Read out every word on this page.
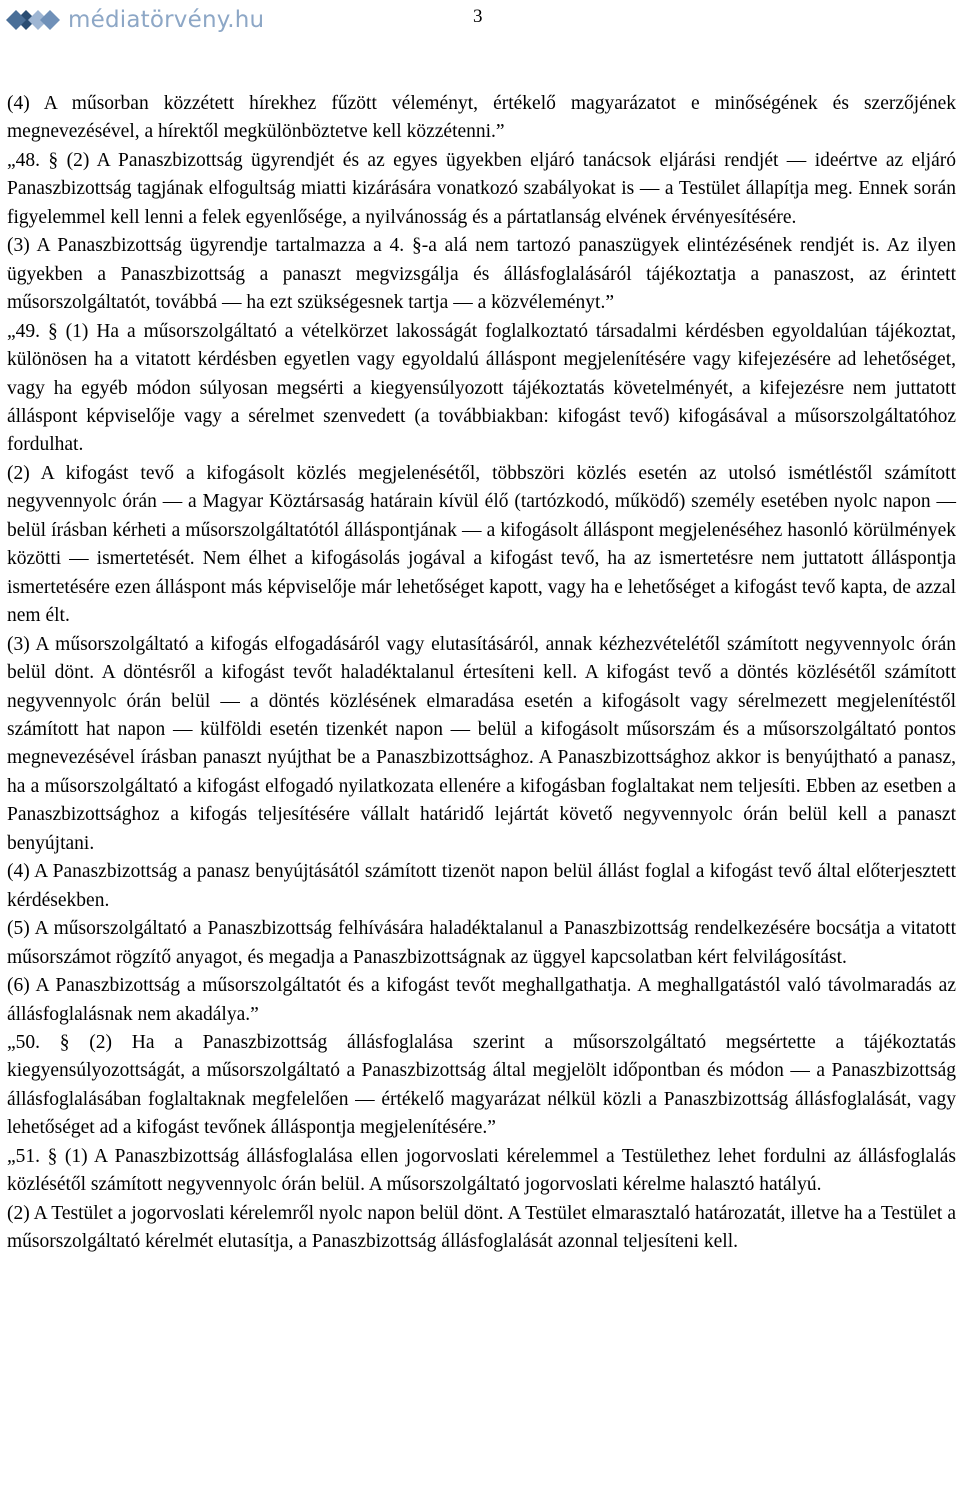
médiatörvény.hu	3

(4) A műsorban közzétett hírekhez fűzött véleményt, értékelő magyarázatot e minőségének és szerzőjének megnevezésével, a hírektől megkülönböztetve kell közzétenni.”

„48. § (2) A Panaszbizottság ügyrendjét és az egyes ügyekben eljáró tanácsok eljárási rendjét — ideértve az eljáró Panaszbizottság tagjának elfogultság miatti kizárására vonatkozó szabályokat is — a Testület állapítja meg. Ennek során figyelemmel kell lenni a felek egyenlősége, a nyilvánosság és a pártatlanság elvének érvényesítésére.

(3) A Panaszbizottság ügyrendje tartalmazza a 4. §-a alá nem tartozó panaszügyek elintézésének rendjét is. Az ilyen ügyekben a Panaszbizottság a panaszt megvizsgálja és állásfoglalásáról tájékoztatja a panaszost, az érintett műsorszolgáltatót, továbbá — ha ezt szükségesnek tartja — a közvéleményt.”

„49. § (1) Ha a műsorszolgáltató a vételkörzet lakosságát foglalkoztató társadalmi kérdésben egyoldalúan tájékoztat, különösen ha a vitatott kérdésben egyetlen vagy egyoldalú álláspont megjelenítésére vagy kifejezésére ad lehetőséget, vagy ha egyéb módon súlyosan megsérti a kiegyensúlyozott tájékoztatás követelményét, a kifejezésre nem juttatott álláspont képviselője vagy a sérelmet szenvedett (a továbbiakban: kifogást tevő) kifogásával a műsorszolgáltatóhoz fordulhat.

(2) A kifogást tevő a kifogásolt közlés megjelenésétől, többszöri közlés esetén az utolsó ismétléstől számított negyvennyolc órán — a Magyar Köztársaság határain kívül élő (tartózkodó, működő) személy esetében nyolc napon — belül írásban kérheti a műsorszolgáltatótól álláspontjának — a kifogásolt álláspont megjelenéséhez hasonló körülmények közötti — ismertetését. Nem élhet a kifogásolás jogával a kifogást tevő, ha az ismertetésre nem juttatott álláspontja ismertetésére ezen álláspont más képviselője már lehetőséget kapott, vagy ha e lehetőséget a kifogást tevő kapta, de azzal nem élt.

(3) A műsorszolgáltató a kifogás elfogadásáról vagy elutasításáról, annak kézhezvételétől számított negyvennyolc órán belül dönt. A döntésről a kifogást tevőt haladéktalanul értesíteni kell. A kifogást tevő a döntés közlésétől számított negyvennyolc órán belül — a döntés közlésének elmaradása esetén a kifogásolt vagy sérelmezett megjelenítéstől számított hat napon — külföldi esetén tizenkét napon — belül a kifogásolt műsorszám és a műsorszolgáltató pontos megnevezésével írásban panaszt nyújthat be a Panaszbizottsághoz. A Panaszbizottsághoz akkor is benyújtható a panasz, ha a műsorszolgáltató a kifogást elfogadó nyilatkozata ellenére a kifogásban foglaltakat nem teljesíti. Ebben az esetben a Panaszbizottsághoz a kifogás teljesítésére vállalt határidő lejártát követő negyvennyolc órán belül kell a panaszt benyújtani.

(4) A Panaszbizottság a panasz benyújtásától számított tizenöt napon belül állást foglal a kifogást tevő által előterjesztett kérdésekben.

(5) A műsorszolgáltató a Panaszbizottság felhívására haladéktalanul a Panaszbizottság rendelkezésére bocsátja a vitatott műsorszámot rögzítő anyagot, és megadja a Panaszbizottságnak az üggyel kapcsolatban kért felvilágosítást.

(6) A Panaszbizottság a műsorszolgáltatót és a kifogást tevőt meghallgathatja. A meghallgatástól való távolmaradás az állásfoglalásnak nem akadálya.”

„50. § (2) Ha a Panaszbizottság állásfoglalása szerint a műsorszolgáltató megsértette a tájékoztatás kiegyensúlyozottságát, a műsorszolgáltató a Panaszbizottság által megjelölt időpontban és módon — a Panaszbizottság állásfoglalásában foglaltaknak megfelelően — értékelő magyarázat nélkül közli a Panaszbizottság állásfoglalását, vagy lehetőséget ad a kifogást tevőnek álláspontja megjelenítésére.”

„51. § (1) A Panaszbizottság állásfoglalása ellen jogorvoslati kérelemmel a Testülethez lehet fordulni az állásfoglalás közlésétől számított negyvennyolc órán belül. A műsorszolgáltató jogorvoslati kérelme halasztó hatályú.

(2) A Testület a jogorvoslati kérelemről nyolc napon belül dönt. A Testület elmarasztaló határozatát, illetve ha a Testület a műsorszolgáltató kérelmét elutasítja, a Panaszbizottság állásfoglalását azonnal teljesíteni kell.
